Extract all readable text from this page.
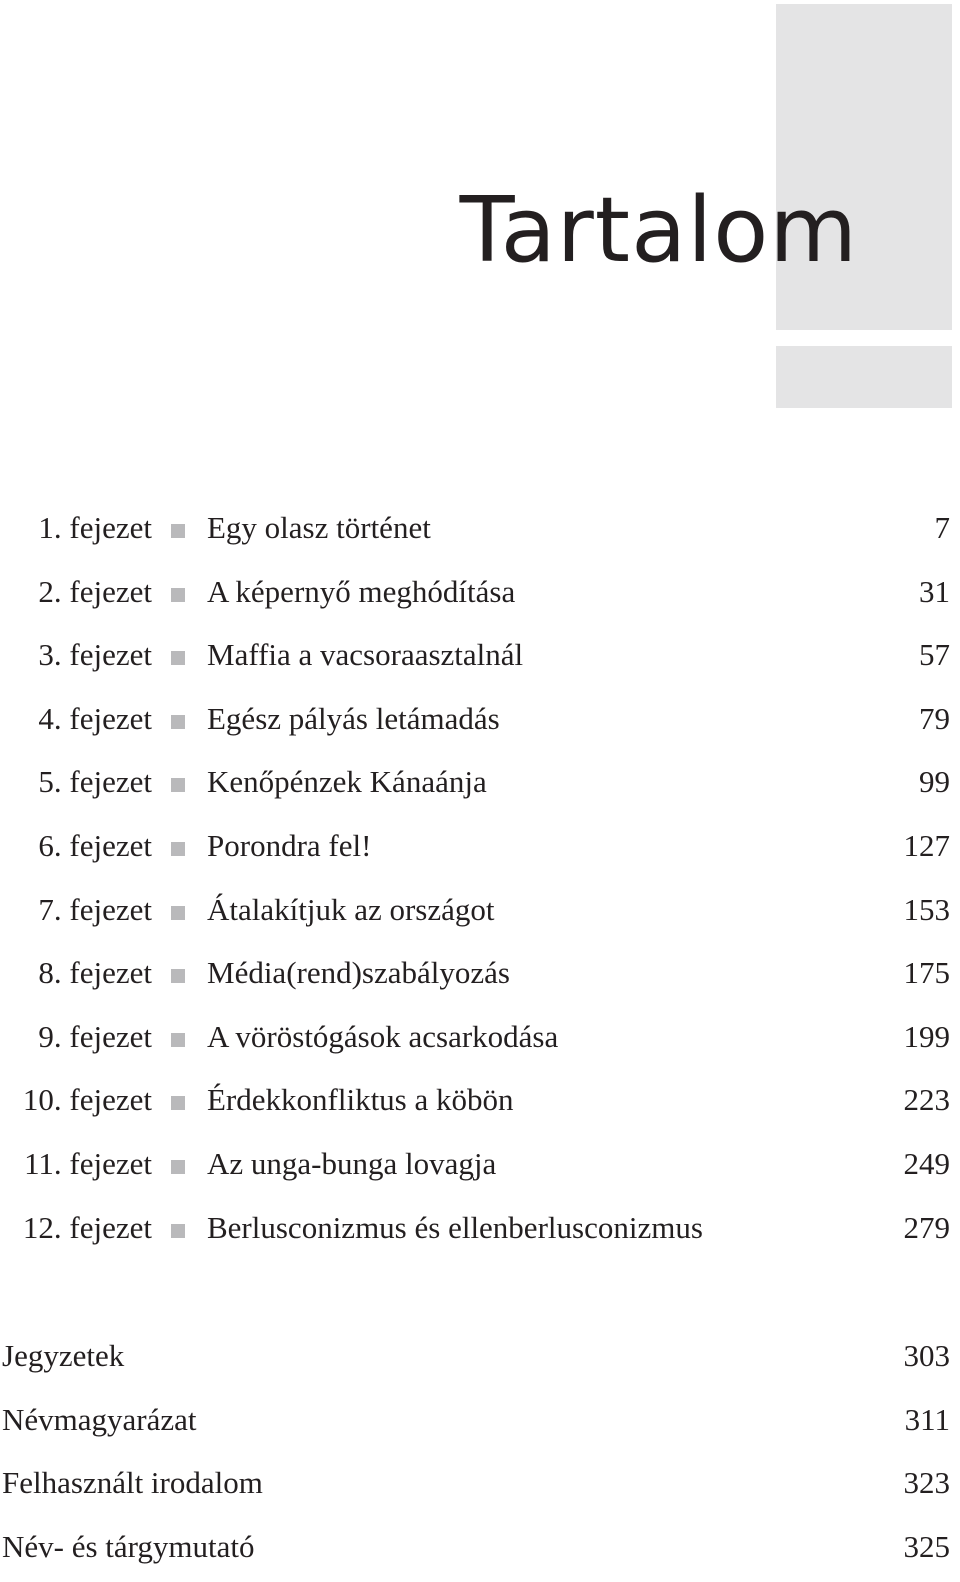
Tartalom
1. fejezet Egy olasz történet	7
2. fejezet A képernyő meghódítása	31
3. fejezet Maffia a vacsoraasztalnál	57
4. fejezet Egész pályás letámadás	79
5. fejezet Kenőpénzek Kánaánja	99
6. fejezet Porondra fel!	127
7. fejezet Átalakítjuk az országot	153
8. fejezet Média(rend)szabályozás	175
9. fejezet A vöröstógások acsarkodása	199
10. fejezet Érdekkonfliktus a köbön	223
11. fejezet Az unga-bunga lovagja	249
12. fejezet Berlusconizmus és ellenberlusconizmus	279
Jegyzetek	303
Névmagyarázat	311
Felhasznált irodalom	323
Név- és tárgymutató	325
